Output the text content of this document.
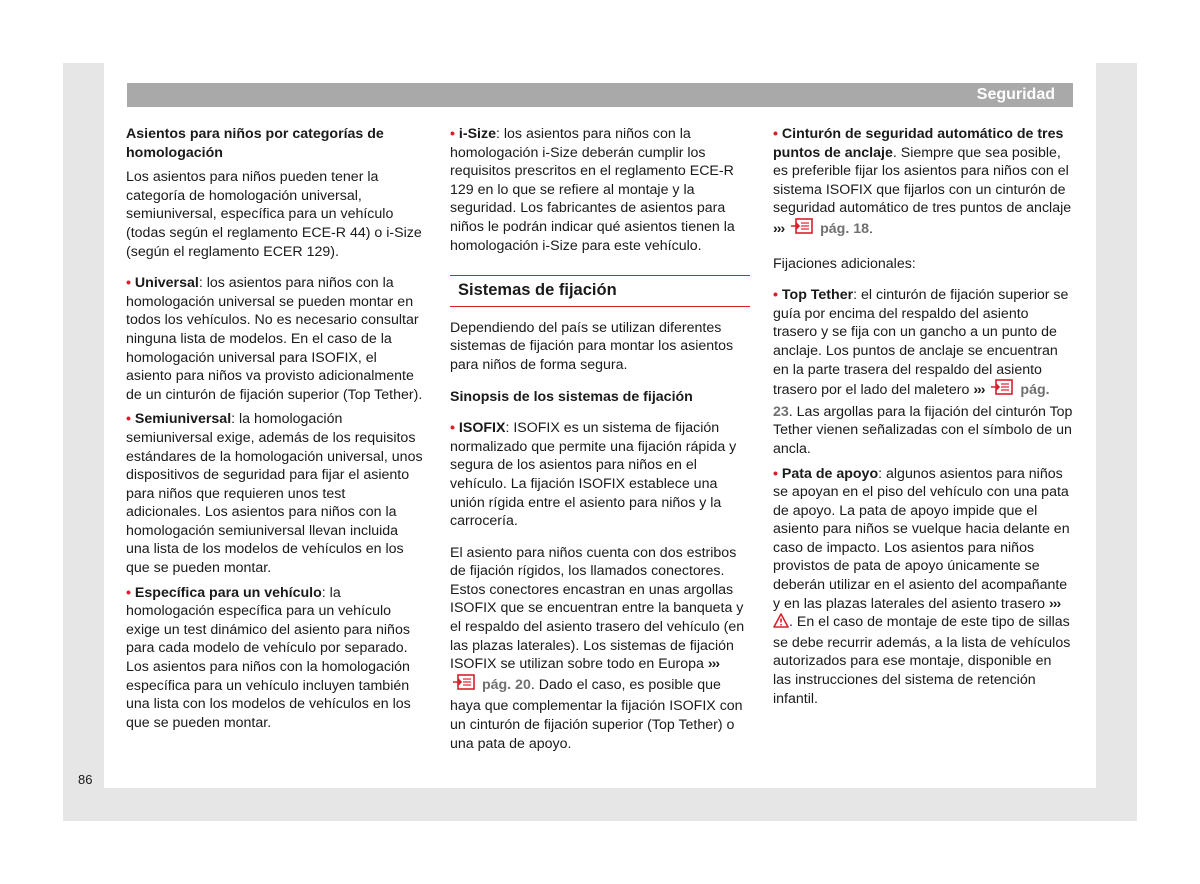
Seguridad

Asientos para niños por categorías de homologación

Los asientos para niños pueden tener la categoría de homologación universal, semiuniversal, específica para un vehículo (todas según el reglamento ECE-R 44) o i-Size (según el reglamento ECER 129).

• Universal: los asientos para niños con la homologación universal se pueden montar en todos los vehículos. No es necesario consultar ninguna lista de modelos. En el caso de la homologación universal para ISOFIX, el asiento para niños va provisto adicionalmente de un cinturón de fijación superior (Top Tether).

• Semiuniversal: la homologación semiuniversal exige, además de los requisitos estándares de la homologación universal, unos dispositivos de seguridad para fijar el asiento para niños que requieren unos test adicionales. Los asientos para niños con la homologación semiuniversal llevan incluida una lista de los modelos de vehículos en los que se pueden montar.

• Específica para un vehículo: la homologación específica para un vehículo exige un test dinámico del asiento para niños para cada modelo de vehículo por separado. Los asientos para niños con la homologación específica para un vehículo incluyen también una lista con los modelos de vehículos en los que se pueden montar.

• i-Size: los asientos para niños con la homologación i-Size deberán cumplir los requisitos prescritos en el reglamento ECE-R 129 en lo que se refiere al montaje y la seguridad. Los fabricantes de asientos para niños le podrán indicar qué asientos tienen la homologación i-Size para este vehículo.

Sistemas de fijación

Dependiendo del país se utilizan diferentes sistemas de fijación para montar los asientos para niños de forma segura.

Sinopsis de los sistemas de fijación

• ISOFIX: ISOFIX es un sistema de fijación normalizado que permite una fijación rápida y segura de los asientos para niños en el vehículo. La fijación ISOFIX establece una unión rígida entre el asiento para niños y la carrocería.

El asiento para niños cuenta con dos estribos de fijación rígidos, los llamados conectores. Estos conectores encastran en unas argollas ISOFIX que se encuentran entre la banqueta y el respaldo del asiento trasero del vehículo (en las plazas laterales). Los sistemas de fijación ISOFIX se utilizan sobre todo en Europa ›››  pág. 20. Dado el caso, es posible que haya que complementar la fijación ISOFIX con un cinturón de fijación superior (Top Tether) o una pata de apoyo.

• Cinturón de seguridad automático de tres puntos de anclaje. Siempre que sea posible, es preferible fijar los asientos para niños con el sistema ISOFIX que fijarlos con un cinturón de seguridad automático de tres puntos de anclaje ›››	pág. 18.

Fijaciones adicionales:

• Top Tether: el cinturón de fijación superior se guía por encima del respaldo del asiento trasero y se fija con un gancho a un punto de anclaje. Los puntos de anclaje se encuentran en la parte trasera del respaldo del asiento trasero por el lado del maletero ›››	pág. 23. Las argollas para la fijación del cinturón Top Tether vienen señalizadas con el símbolo de un ancla.

• Pata de apoyo: algunos asientos para niños se apoyan en el piso del vehículo con una pata de apoyo. La pata de apoyo impide que el asiento para niños se vuelque hacia delante en caso de impacto. Los asientos para niños provistos de pata de apoyo únicamente se deberán utilizar en el asiento del acompañante y en las plazas laterales del asiento trasero ››› . En el caso de montaje de este tipo de sillas se debe recurrir además, a la lista de vehículos autorizados para ese montaje, disponible en las instrucciones del sistema de retención infantil.

86
